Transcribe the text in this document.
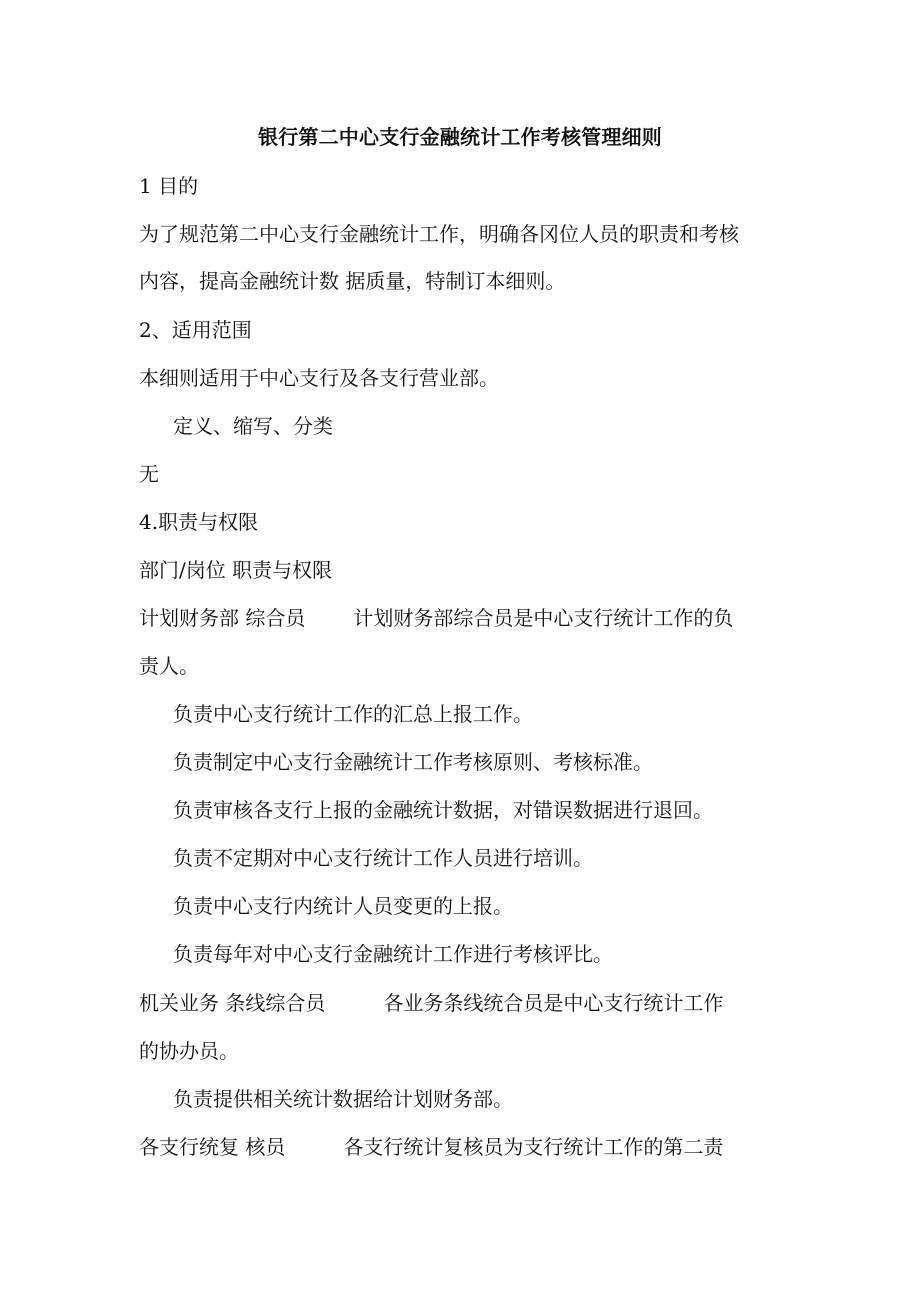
银行第二中心支行金融统计工作考核管理细则
1 目的
为了规范第二中心支行金融统计工作，明确各冈位人员的职责和考核
内容，提高金融统计数 据质量，特制订本细则。
2、适用范围
本细则适用于中心支行及各支行营业部。
定义、缩写、分类
无
4.职责与权限
部门/岗位 职责与权限
计划财务部 综合员 计划财务部综合员是中心支行统计工作的负
责人。
负责中心支行统计工作的汇总上报工作。
负责制定中心支行金融统计工作考核原则、考核标准。
负责审核各支行上报的金融统计数据，对错误数据进行退回。
负责不定期对中心支行统计工作人员进行培训。
负责中心支行内统计人员变更的上报。
负责每年对中心支行金融统计工作进行考核评比。
机关业务 条线综合员	各业务条线统合员是中心支行统计工作
的协办员。
负责提供相关统计数据给计划财务部。
各支行统复 核员	各支行统计复核员为支行统计工作的第二责
